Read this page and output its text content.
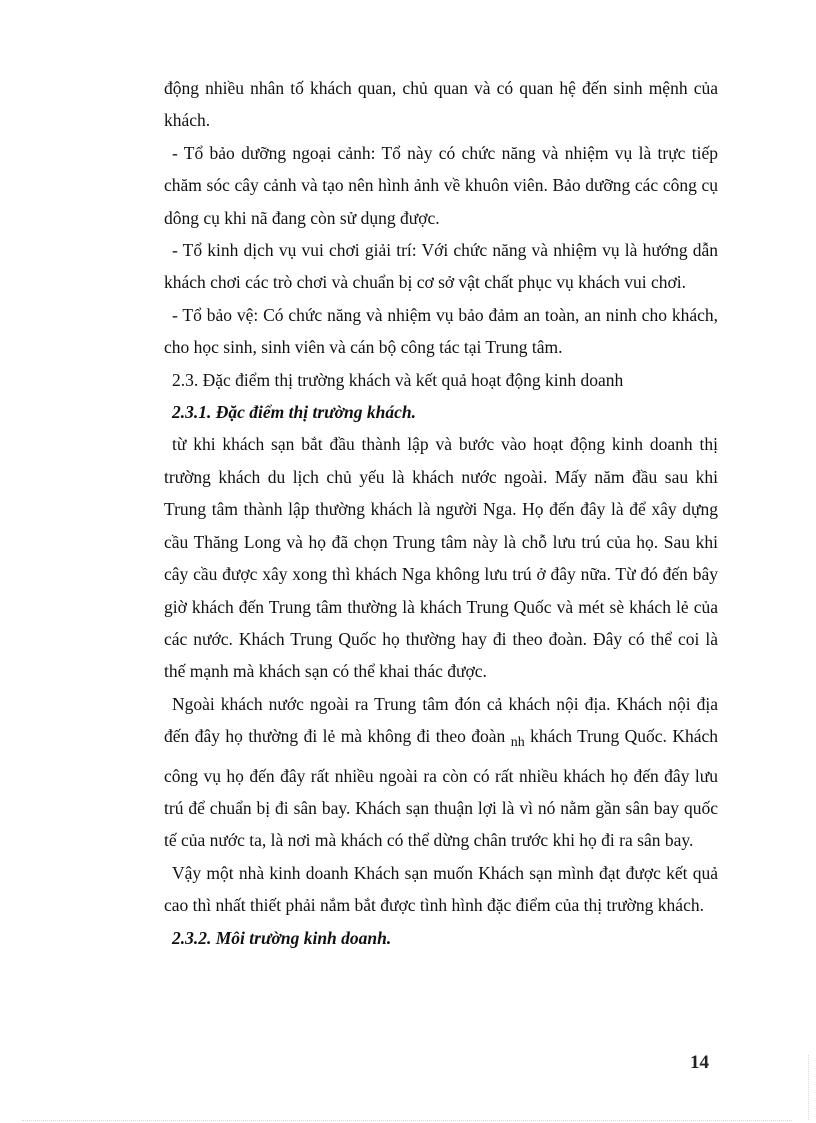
động nhiều nhân tố khách quan, chủ quan và có quan hệ đến sinh mệnh của khách.

- Tổ bảo dưỡng ngoại cảnh: Tổ này có chức năng và nhiệm vụ là trực tiếp chăm sóc cây cảnh và tạo nên hình ảnh về khuôn viên. Bảo dưỡng các công cụ dông cụ khi nã đang còn sử dụng được.

- Tổ kinh dịch vụ vui chơi giải trí: Với chức năng và nhiệm vụ là hướng dẫn khách chơi các trò chơi và chuẩn bị cơ sở vật chất phục vụ khách vui chơi.

- Tổ bảo vệ: Có chức năng và nhiệm vụ bảo đảm an toàn, an ninh cho khách, cho học sinh, sinh viên và cán bộ công tác tại Trung tâm.

2.3. Đặc điểm thị trường khách và kết quả hoạt động kinh doanh

2.3.1. Đặc điểm thị trường khách.

từ khi khách sạn bắt đầu thành lập và bước vào hoạt động kinh doanh thị trường khách du lịch chủ yếu là khách nước ngoài. Mấy năm đầu sau khi Trung tâm thành lập thường khách là người Nga. Họ đến đây là để xây dựng cầu Thăng Long và họ đã chọn Trung tâm này là chỗ lưu trú của họ. Sau khi cây cầu được xây xong thì khách Nga không lưu trú ở đây nữa. Từ đó đến bây giờ khách đến Trung tâm thường là khách Trung Quốc và mét sè khách lẻ của các nước. Khách Trung Quốc họ thường hay đi theo đoàn. Đây có thể coi là thế mạnh mà khách sạn có thể khai thác được.

Ngoài khách nước ngoài ra Trung tâm đón cả khách nội địa. Khách nội địa đến đây họ thường đi lẻ mà không đi theo đoàn $_{nh}$ khách Trung Quốc. Khách công vụ họ đến đây rất nhiều ngoài ra còn có rất nhiều khách họ đến đây lưu trú để chuẩn bị đi sân bay. Khách sạn thuận lợi là vì nó nằm gần sân bay quốc tế của nước ta, là nơi mà khách có thể dừng chân trước khi họ đi ra sân bay.

Vậy một nhà kinh doanh Khách sạn muốn Khách sạn mình đạt được kết quả cao thì nhất thiết phải nắm bắt được tình hình đặc điểm của thị trường khách.

2.3.2. Môi trường kinh doanh.

14
